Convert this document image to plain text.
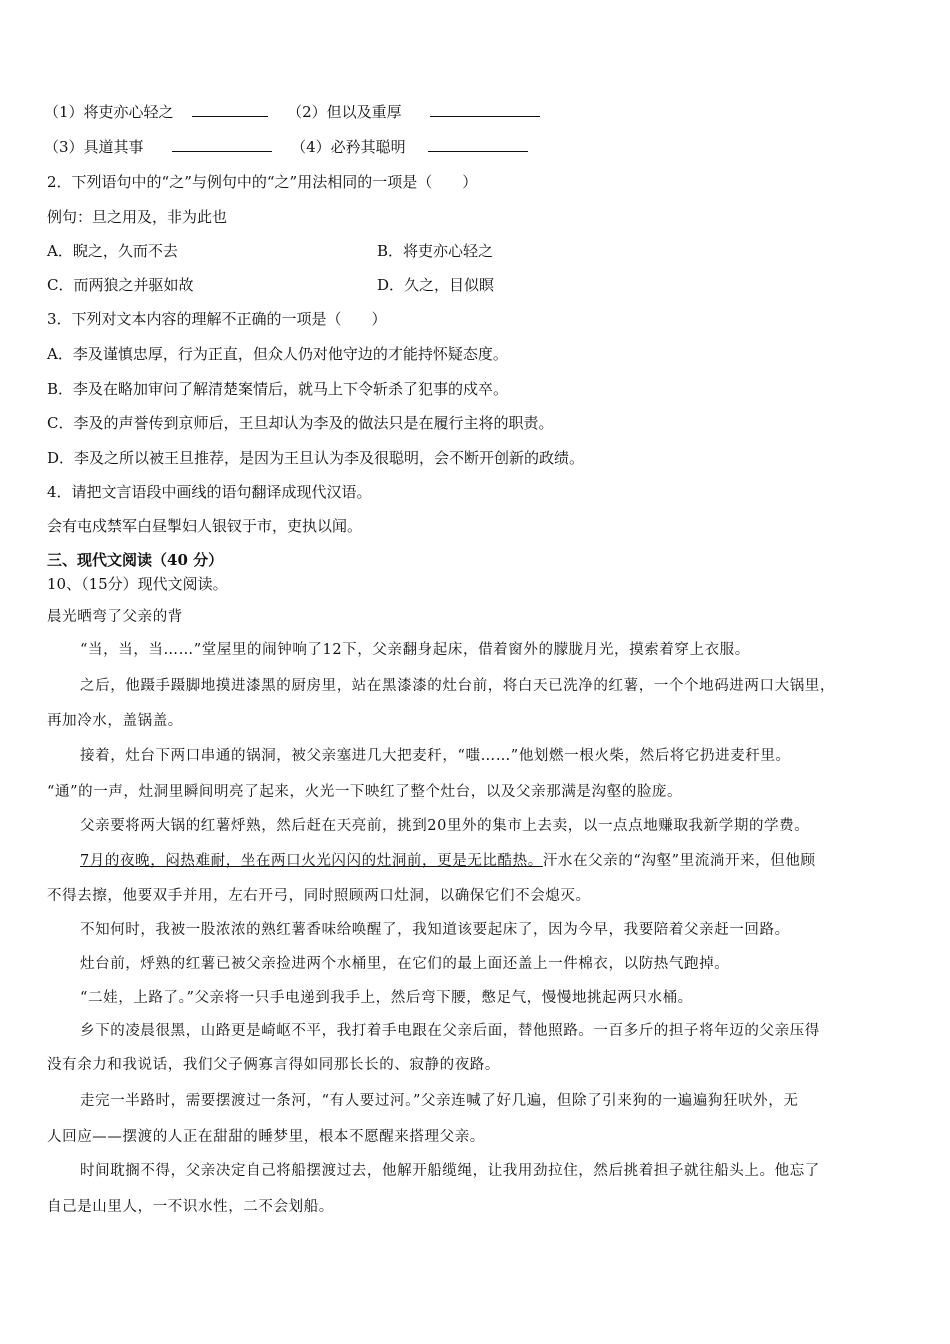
（1）将吏亦心轻之	（2）但以及重厚
（3）具道其事	（4）必矜其聪明
2．下列语句中的“之”与例句中的“之”用法相同的一项是（　　）
例句：旦之用及，非为此也
A．睨之，久而不去	B．将吏亦心轻之
C．而两狼之并驱如故	D．久之，目似瞑
3．下列对文本内容的理解不正确的一项是（　　）
A．李及谨慎忠厚，行为正直，但众人仍对他守边的才能持怀疑态度。
B．李及在略加审问了解清楚案情后，就马上下令斩杀了犯事的戍卒。
C．李及的声誉传到京师后，王旦却认为李及的做法只是在履行主将的职责。
D．李及之所以被王旦推荐，是因为王旦认为李及很聪明，会不断开创新的政绩。
4．请把文言语段中画线的语句翻译成现代汉语。
会有屯戍禁军白昼掣妇人银钗于市，吏执以闻。
三、现代文阅读（40 分）
10、（15分）现代文阅读。
晨光晒弯了父亲的背
“当，当，当……”堂屋里的闹钟响了12下，父亲翻身起床，借着窗外的朦胧月光，摸索着穿上衣服。
之后，他蹑手蹑脚地摸进漆黑的厨房里，站在黑漆漆的灶台前，将白天已洗净的红薯，一个个地码进两口大锅里，
再加冷水，盖锅盖。
接着，灶台下两口串通的锅洞，被父亲塞进几大把麦秆，“嗤……”他划燃一根火柴，然后将它扔进麦秆里。
“通”的一声，灶洞里瞬间明亮了起来，火光一下映红了整个灶台，以及父亲那满是沟壑的脸庞。
父亲要将两大锅的红薯烀熟，然后赶在天亮前，挑到20里外的集市上去卖，以一点点地赚取我新学期的学费。
7月的夜晚，闷热难耐，坐在两口火光闪闪的灶洞前，更是无比酷热。汗水在父亲的“沟壑”里流淌开来，但他顾
不得去擦，他要双手并用，左右开弓，同时照顾两口灶洞，以确保它们不会熄灭。
不知何时，我被一股浓浓的熟红薯香味给唤醒了，我知道该要起床了，因为今早，我要陪着父亲赶一回路。
灶台前，烀熟的红薯已被父亲捡进两个水桶里，在它们的最上面还盖上一件棉衣，以防热气跑掉。
“二娃，上路了。”父亲将一只手电递到我手上，然后弯下腰，憋足气，慢慢地挑起两只水桶。
乡下的凌晨很黑，山路更是崎岖不平，我打着手电跟在父亲后面，替他照路。一百多斤的担子将年迈的父亲压得
没有余力和我说话，我们父子俩寡言得如同那长长的、寂静的夜路。
走完一半路时，需要摆渡过一条河，“有人要过河。”父亲连喊了好几遍，但除了引来狗的一遍遍狗狂吠外，无
人回应——摆渡的人正在甜甜的睡梦里，根本不愿醒来搭理父亲。
时间耽搁不得，父亲决定自己将船摆渡过去，他解开船缆绳，让我用劲拉住，然后挑着担子就往船头上。他忘了
自己是山里人，一不识水性，二不会划船。
